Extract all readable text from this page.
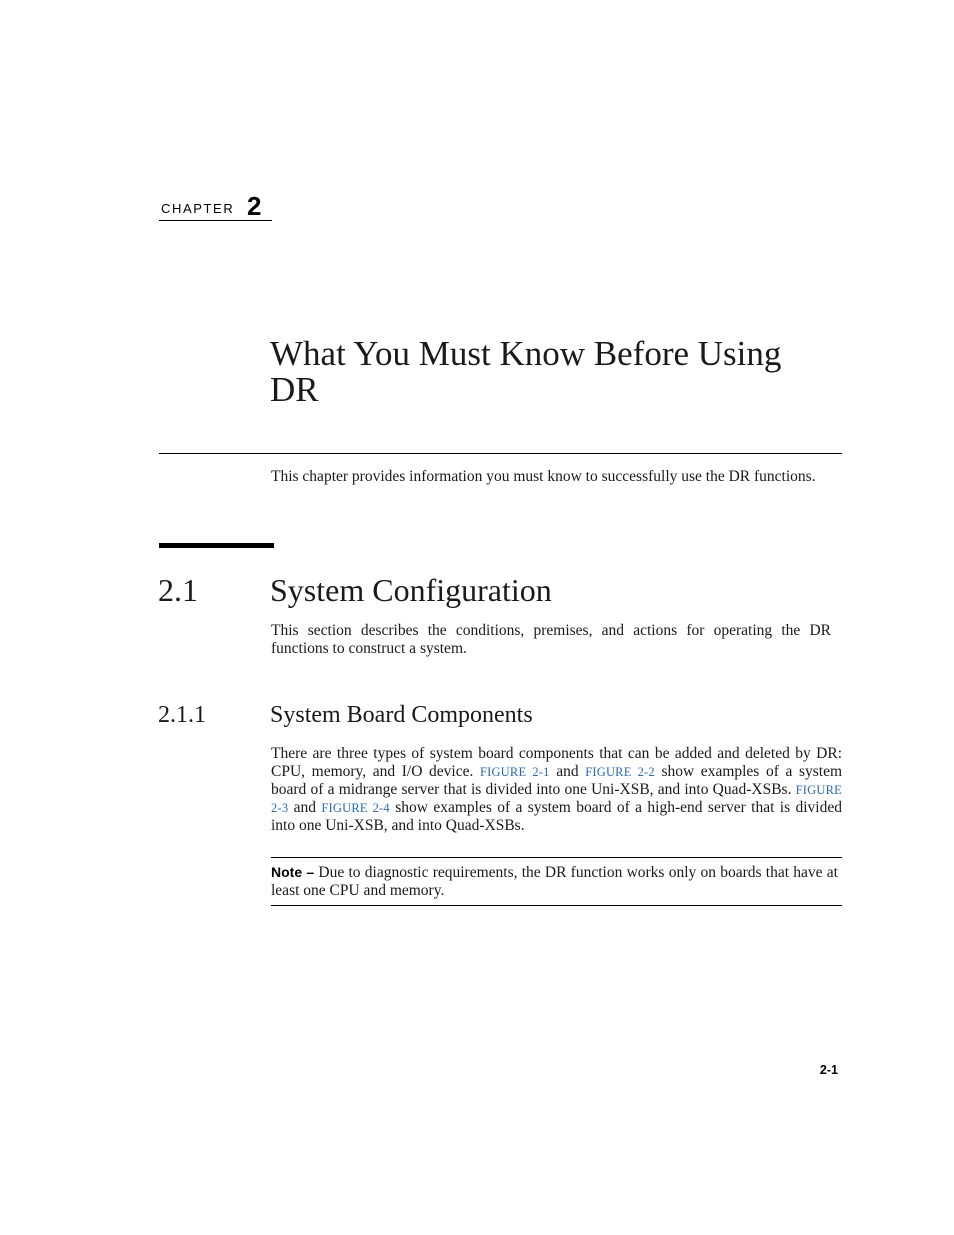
CHAPTER 2
What You Must Know Before Using
DR

This chapter provides information you must know to successfully use the DR functions.

2.1 System Configuration

This section describes the conditions, premises, and actions for operating the DR functions to construct a system.

2.1.1	System Board Components

There are three types of system board components that can be added and deleted by DR: CPU, memory, and I/O device. FIGURE 2-1 and FIGURE 2-2 show examples of a system board of a midrange server that is divided into one Uni-XSB, and into Quad-XSBs. FIGURE 2-3 and FIGURE 2-4 show examples of a system board of a high-end server that is divided into one Uni-XSB, and into Quad-XSBs.

Note – Due to diagnostic requirements, the DR function works only on boards that have at least one CPU and memory.

2-1
